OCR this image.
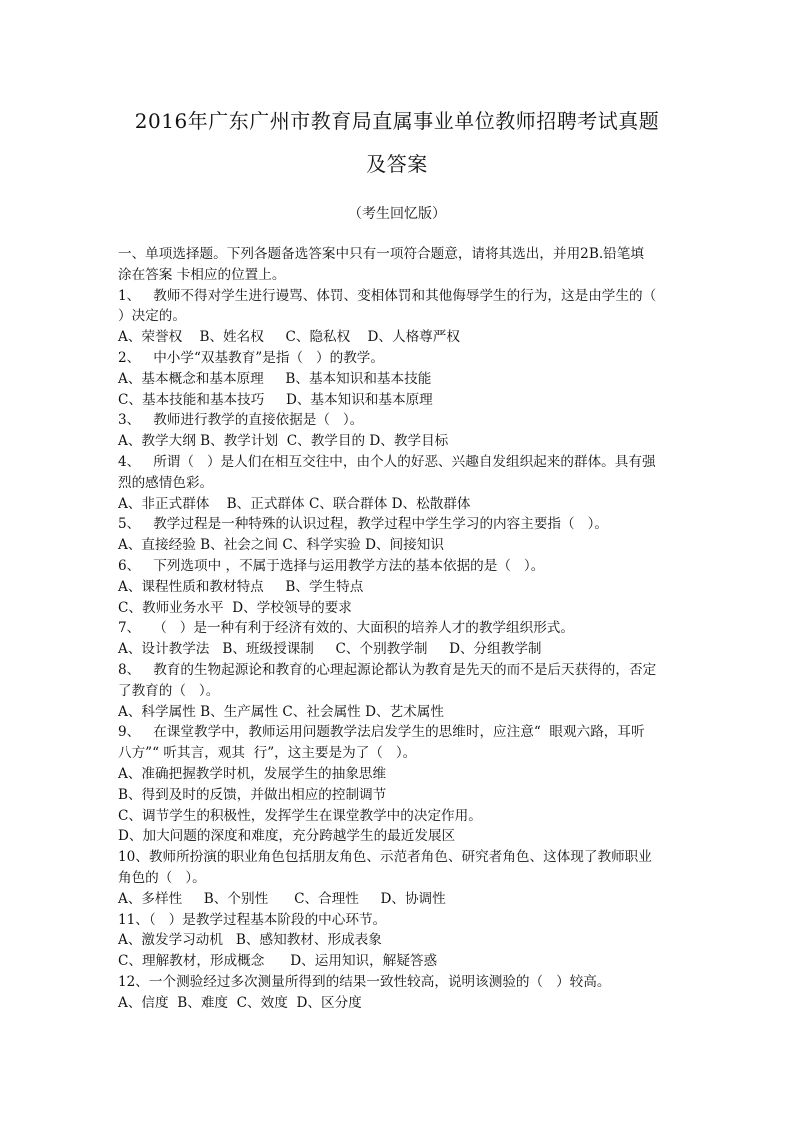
2016年广东广州市教育局直属事业单位教师招聘考试真题
及答案
（考生回忆版）

一、单项选择题。下列各题备选答案中只有一项符合题意，请将其选出，并用2B.铅笔填

涂在答案 卡相应的位置上。

1、   教师不得对学生进行谩骂、体罚、变相体罚和其他侮辱学生的行为，这是由学生的（

）决定的。

A、荣誉权    B、姓名权     C、隐私权    D、人格尊严权

2、   中小学“双基教育”是指（   ）的教学。

A、基本概念和基本原理     B、基本知识和基本技能

C、基本技能和基本技巧     D、基本知识和基本原理

3、   教师进行教学的直接依据是（   ）。

A、教学大纲 B、教学计划  C、教学目的 D、教学目标

4、   所谓（   ）是人们在相互交往中，由个人的好恶、兴趣自发组织起来的群体。具有强

烈的感情色彩。

A、非正式群体    B、正式群体 C、联合群体 D、松散群体

5、   教学过程是一种特殊的认识过程，教学过程中学生学习的内容主要指（   ）。

A、直接经验 B、社会之间 C、科学实验 D、间接知识

6、   下列选项中 ，不属于选择与运用教学方法的基本依据的是（   ）。

A、课程性质和教材特点     B、学生特点

C、教师业务水平  D、学校领导的要求

7、   （   ）是一种有利于经济有效的、大面积的培养人才的教学组织形式。

A、设计教学法   B、班级授课制     C、个别教学制     D、分组教学制

8、   教育的生物起源论和教育的心理起源论都认为教育是先天的而不是后天获得的，否定

了教育的（   ）。

A、科学属性 B、生产属性 C、社会属性 D、艺术属性

9、   在课堂教学中，教师运用问题教学法启发学生的思维时，应注意“  眼观六路，耳听

八方”“ 听其言，观其  行”，这主要是为了（   ）。

A、准确把握教学时机，发展学生的抽象思维

B、得到及时的反馈，并做出相应的控制调节

C、调节学生的积极性，发挥学生在课堂教学中的决定作用。

D、加大问题的深度和难度，充分跨越学生的最近发展区

10、教师所扮演的职业角色包括朋友角色、示范者角色、研究者角色、这体现了教师职业

角色的（   ）。

A、多样性     B、个别性      C、合理性     D、协调性

11、（   ）是教学过程基本阶段的中心环节。

A、激发学习动机   B、感知教材、形成表象

C、理解教材，形成概念      D、运用知识，解疑答惑

12、一个测验经过多次测量所得到的结果一致性较高，说明该测验的（   ）较高。

A、信度  B、难度  C、效度  D、区分度
